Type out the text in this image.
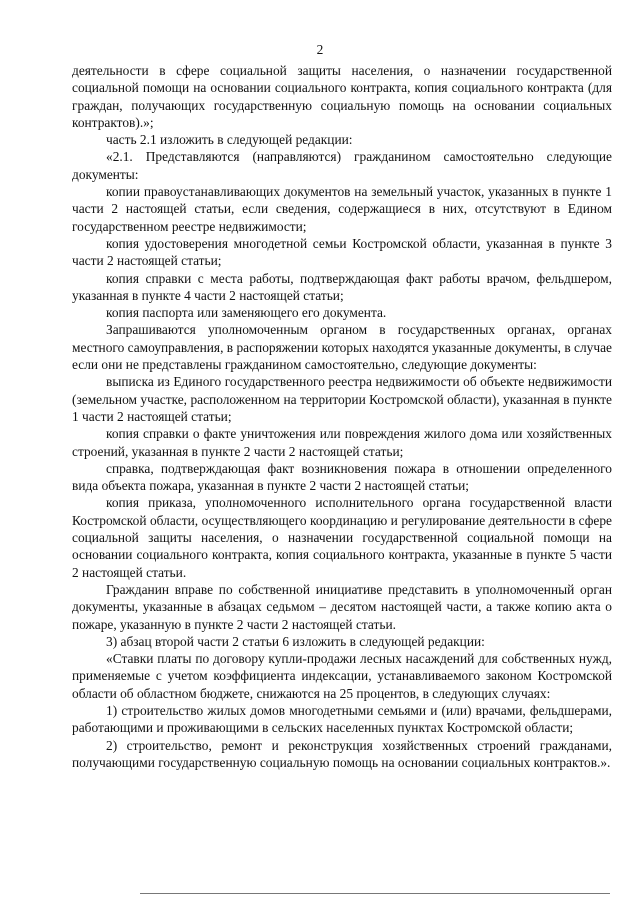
2

деятельности в сфере социальной защиты населения, о назначении государственной социальной помощи на основании социального контракта, копия социального контракта (для граждан, получающих государственную социальную помощь на основании социальных контрактов).»;

часть 2.1 изложить в следующей редакции:

«2.1. Представляются (направляются) гражданином самостоятельно следующие документы:

копии правоустанавливающих документов на земельный участок, указанных в пункте 1 части 2 настоящей статьи, если сведения, содержащиеся в них, отсутствуют в Едином государственном реестре недвижимости;

копия удостоверения многодетной семьи Костромской области, указанная в пункте 3 части 2 настоящей статьи;

копия справки с места работы, подтверждающая факт работы врачом, фельдшером, указанная в пункте 4 части 2 настоящей статьи;

копия паспорта или заменяющего его документа.

Запрашиваются уполномоченным органом в государственных органах, органах местного самоуправления, в распоряжении которых находятся указанные документы, в случае если они не представлены гражданином самостоятельно, следующие документы:

выписка из Единого государственного реестра недвижимости об объекте недвижимости (земельном участке, расположенном на территории Костромской области), указанная в пункте 1 части 2 настоящей статьи;

копия справки о факте уничтожения или повреждения жилого дома или хозяйственных строений, указанная в пункте 2 части 2 настоящей статьи;

справка, подтверждающая факт возникновения пожара в отношении определенного вида объекта пожара, указанная в пункте 2 части 2 настоящей статьи;

копия приказа, уполномоченного исполнительного органа государственной власти Костромской области, осуществляющего координацию и регулирование деятельности в сфере социальной защиты населения, о назначении государственной социальной помощи на основании социального контракта, копия социального контракта, указанные в пункте 5 части 2 настоящей статьи.

Гражданин вправе по собственной инициативе представить в уполномоченный орган документы, указанные в абзацах седьмом – десятом настоящей части, а также копию акта о пожаре, указанную в пункте 2 части 2 настоящей статьи.

3) абзац второй части 2 статьи 6 изложить в следующей редакции:

«Ставки платы по договору купли-продажи лесных насаждений для собственных нужд, применяемые с учетом коэффициента индексации, устанавливаемого законом Костромской области об областном бюджете, снижаются на 25 процентов, в следующих случаях:

1) строительство жилых домов многодетными семьями и (или) врачами, фельдшерами, работающими и проживающими в сельских населенных пунктах Костромской области;

2) строительство, ремонт и реконструкция хозяйственных строений гражданами, получающими государственную социальную помощь на основании социальных контрактов.».
